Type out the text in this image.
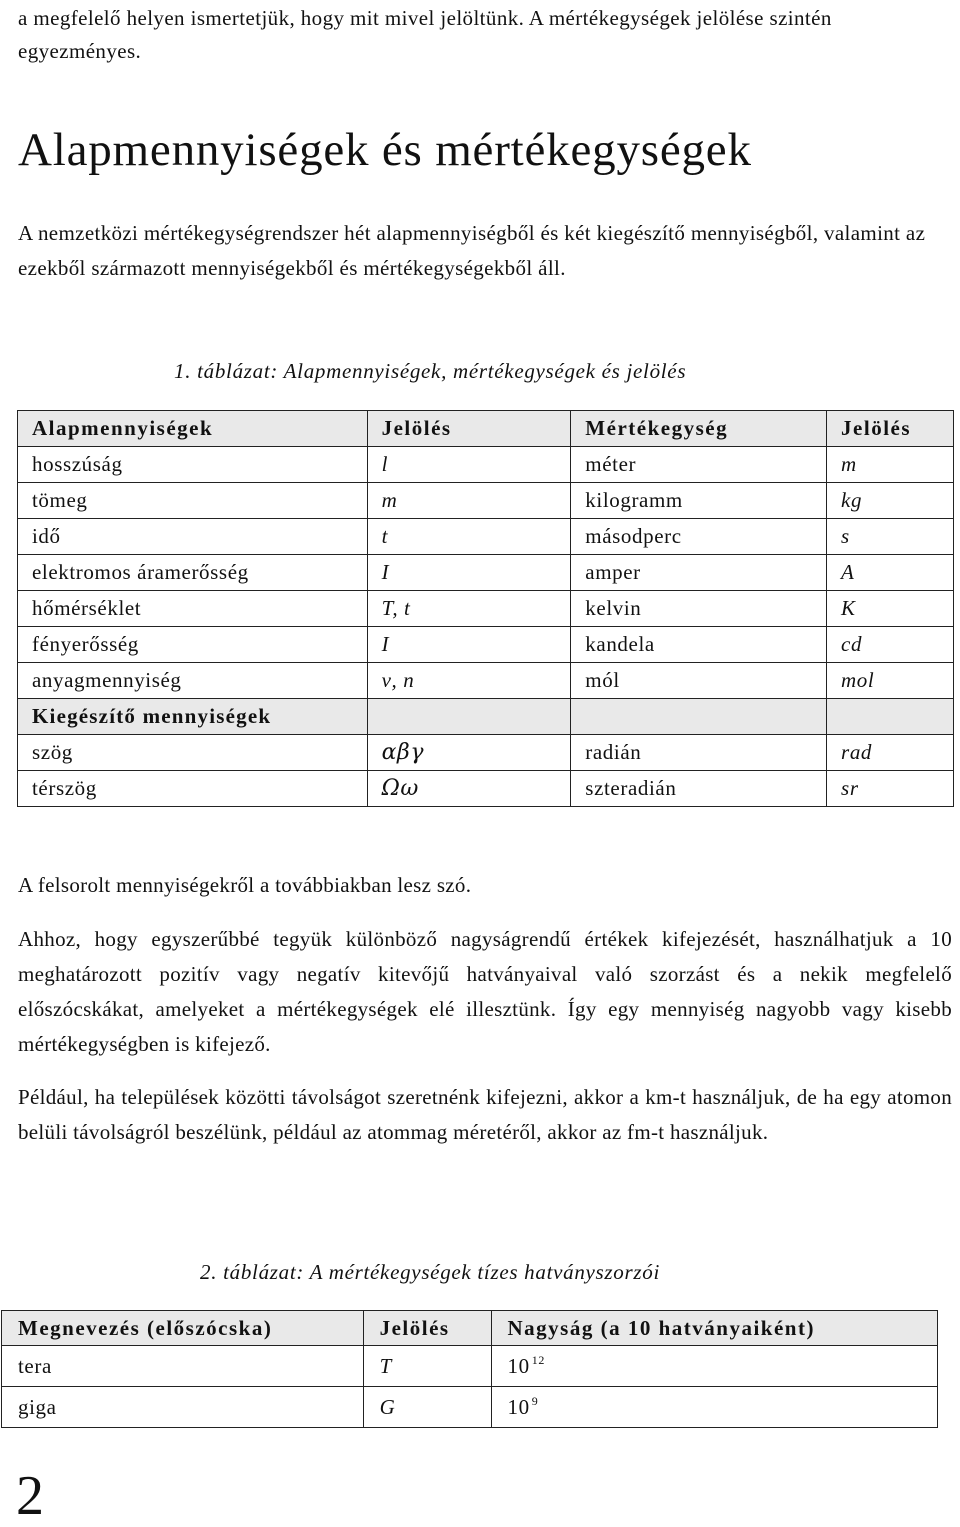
a megfelelő helyen ismertetjük, hogy mit mivel jelöltünk. A mértékegységek jelölése szintén egyezményes.
Alapmennyiségek és mértékegységek
A nemzetközi mértékegységrendszer hét alapmennyiségből és két kiegészítő mennyiségből, valamint az ezekből származott mennyiségekből és mértékegységekből áll.
1. táblázat: Alapmennyiségek, mértékegységek és jelölés
Alapmennyiségek	Jelölés	Mértékegység	Jelölés
hosszúság	l	méter	m
tömeg	m	kilogramm	kg
idő	t	másodperc	s
elektromos áramerősség	I	amper	A
hőmérséklet	T, t	kelvin	K
fényerősség	I	kandela	cd
anyagmennyiség	ν, n	mól	mol
Kiegészítő mennyiségek			
szög	αβγ	radián	rad
térszög	Ωω	szteradián	sr
A felsorolt mennyiségekről a továbbiakban lesz szó.
Ahhoz, hogy egyszerűbbé tegyük különböző nagyságrendű értékek kifejezését, használhatjuk a 10 meghatározott pozitív vagy negatív kitevőjű hatványaival való szorzást és a nekik megfelelő előszócskákat, amelyeket a mértékegységek elé illesztünk. Így egy mennyiség nagyobb vagy kisebb mértékegységben is kifejező.
Például, ha települések közötti távolságot szeretnénk kifejezni, akkor a km-t használjuk, de ha egy atomon belüli távolságról beszélünk, például az atommag méretéről, akkor az fm-t használjuk.
2. táblázat: A mértékegységek tízes hatványszorzói
Megnevezés (előszócska)	Jelölés	Nagyság (a 10 hatványaiként)
tera	T	10 $^{12}$
giga	G	10 $^9$
2
